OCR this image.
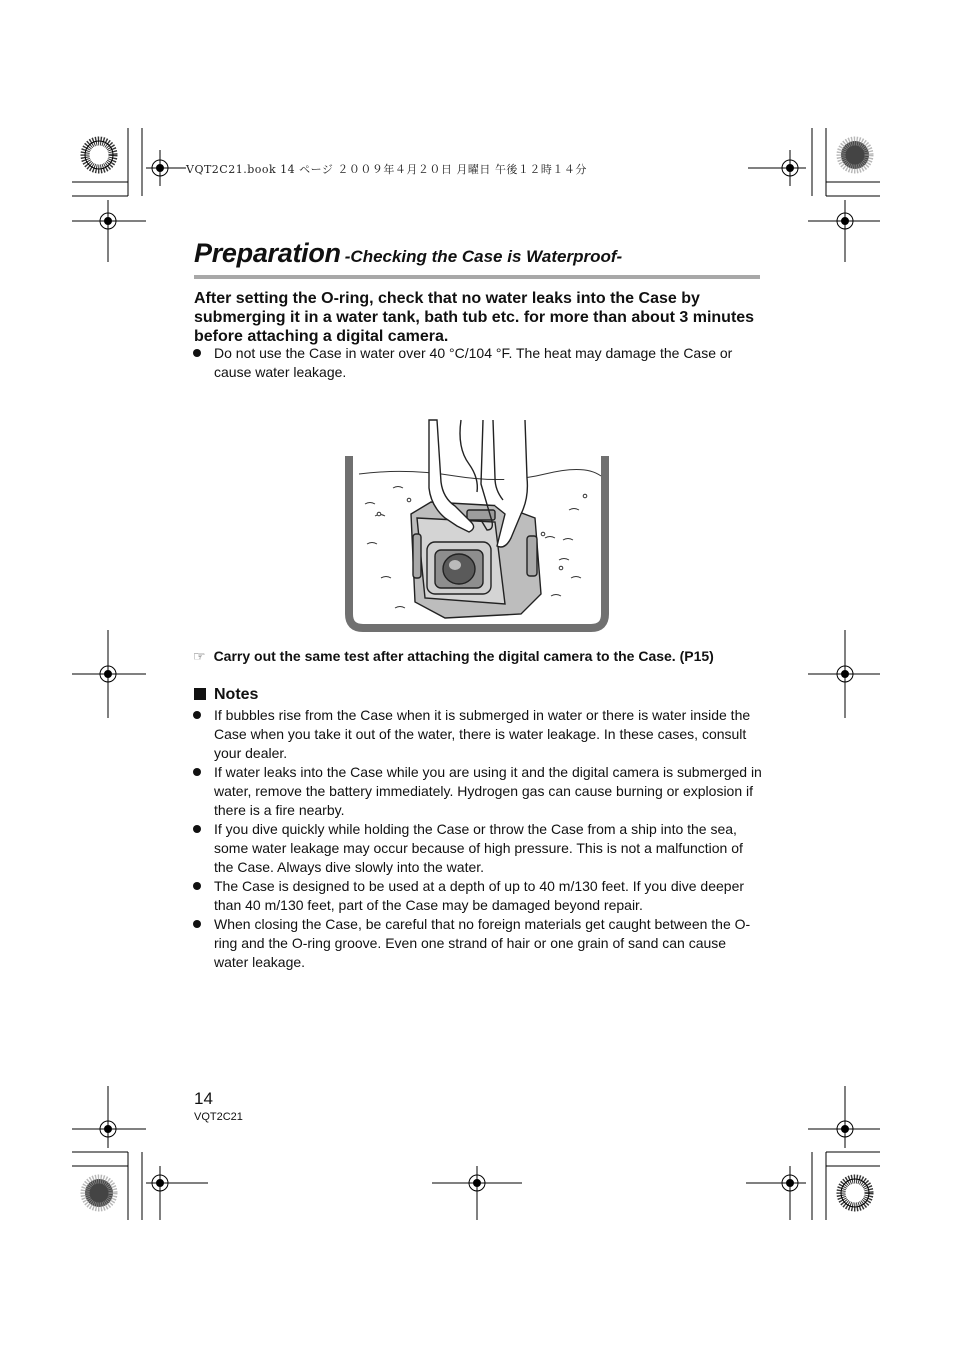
VQT2C21.book 14 ページ ２００９年４月２０日 月曜日 午後１２時１４分
Preparation -Checking the Case is Waterproof-
After setting the O-ring, check that no water leaks into the Case by submerging it in a water tank, bath tub etc. for more than about 3 minutes before attaching a digital camera.
Do not use the Case in water over 40 °C/104 °F. The heat may damage the Case or cause water leakage.
☞ Carry out the same test after attaching the digital camera to the Case. (P15)
Notes
If bubbles rise from the Case when it is submerged in water or there is water inside the Case when you take it out of the water, there is water leakage. In these cases, consult your dealer.
If water leaks into the Case while you are using it and the digital camera is submerged in water, remove the battery immediately. Hydrogen gas can cause burning or explosion if there is a fire nearby.
If you dive quickly while holding the Case or throw the Case from a ship into the sea, some water leakage may occur because of high pressure. This is not a malfunction of the Case. Always dive slowly into the water.
The Case is designed to be used at a depth of up to 40 m/130 feet. If you dive deeper than 40 m/130 feet, part of the Case may be damaged beyond repair.
When closing the Case, be careful that no foreign materials get caught between the O-ring and the O-ring groove. Even one strand of hair or one grain of sand can cause water leakage.
14
VQT2C21
